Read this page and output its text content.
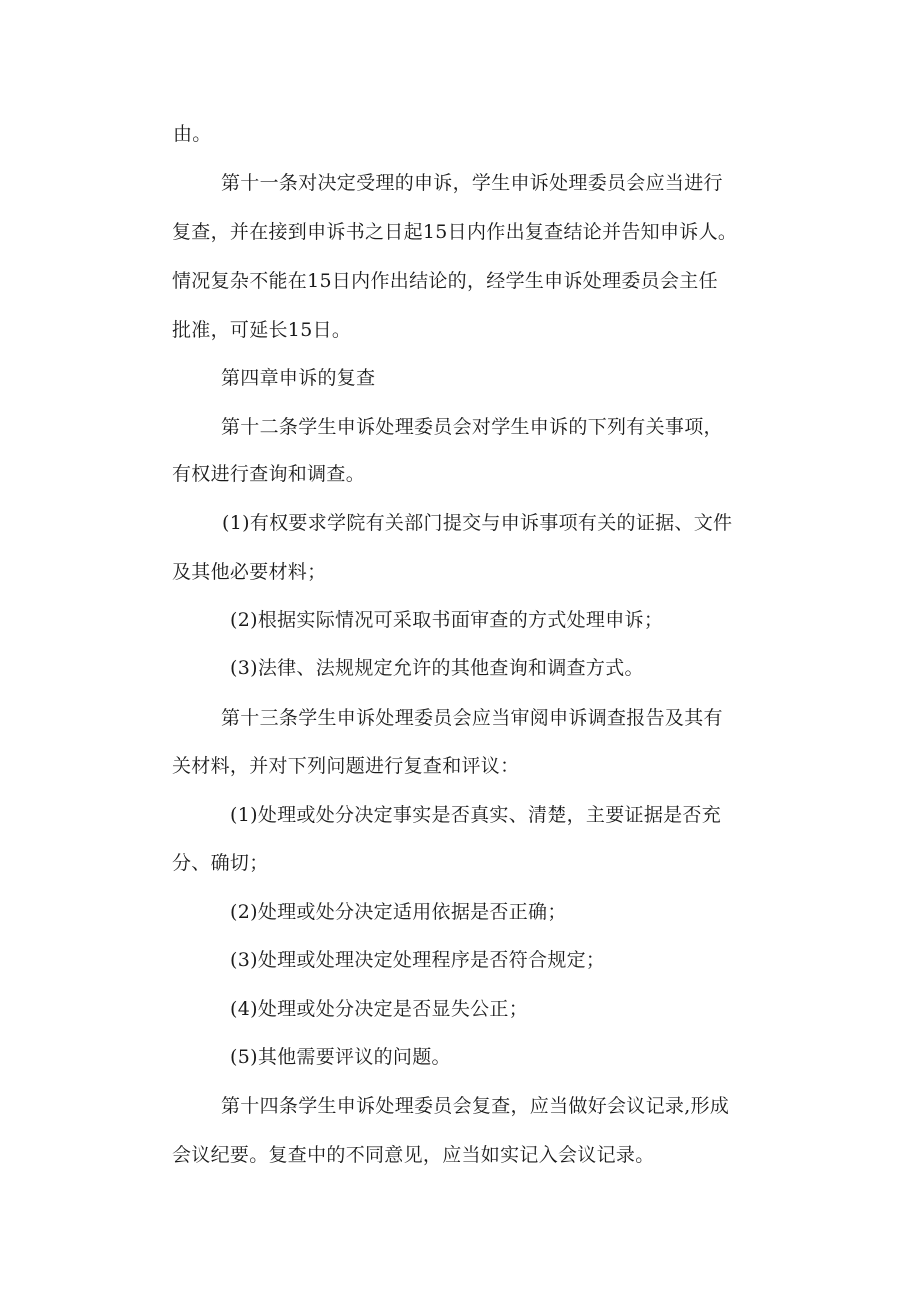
由。
第十一条对决定受理的申诉，学生申诉处理委员会应当进行
复查，并在接到申诉书之日起15日内作出复查结论并告知申诉人。
情况复杂不能在15日内作出结论的，经学生申诉处理委员会主任
批准，可延长15日。
第四章申诉的复查
第十二条学生申诉处理委员会对学生申诉的下列有关事项，
有权进行查询和调查。
(1)有权要求学院有关部门提交与申诉事项有关的证据、文件
及其他必要材料；
(2)根据实际情况可采取书面审查的方式处理申诉；
(3)法律、法规规定允许的其他查询和调查方式。
第十三条学生申诉处理委员会应当审阅申诉调查报告及其有
关材料，并对下列问题进行复查和评议：
(1)处理或处分决定事实是否真实、清楚，主要证据是否充
分、确切；
(2)处理或处分决定适用依据是否正确；
(3)处理或处理决定处理程序是否符合规定；
(4)处理或处分决定是否显失公正；
(5)其他需要评议的问题。
第十四条学生申诉处理委员会复查，应当做好会议记录,形成
会议纪要。复查中的不同意见，应当如实记入会议记录。
